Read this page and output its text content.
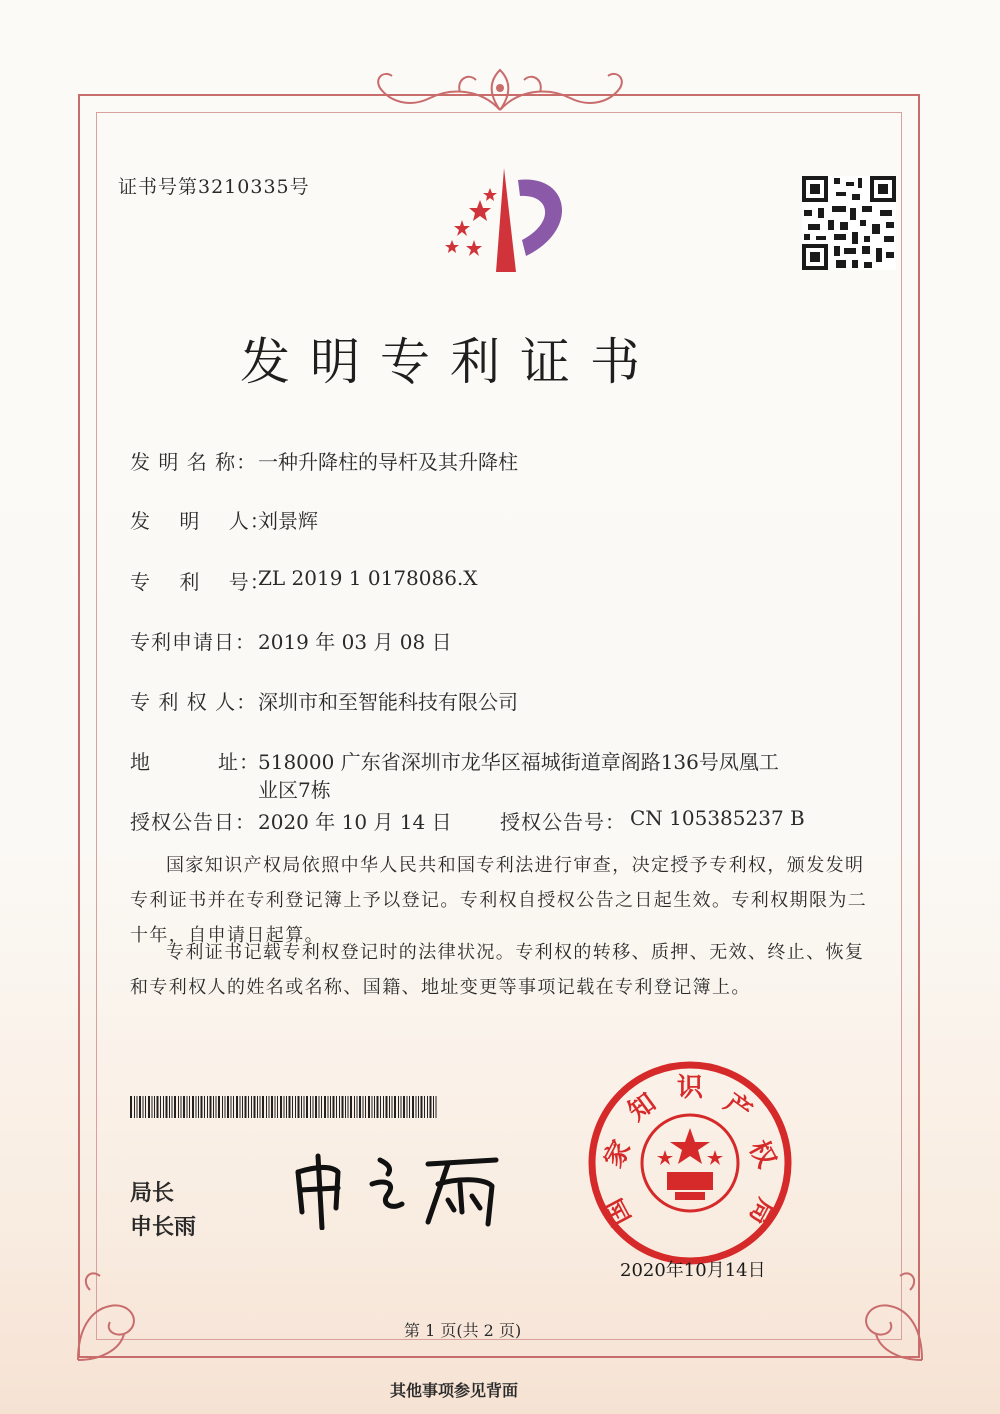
证书号第3210335号
发明专利证书
发 明 名 称： 一种升降柱的导杆及其升降柱
发　 明　 人：
刘景辉
专　 利　 号：
ZL 2019 1 0178086.X
专利申请日： 2019 年 03 月 08 日
专 利 权 人： 深圳市和至智能科技有限公司
地	址：
518000 广东省深圳市龙华区福城街道章阁路136号凤凰工
业区7栋
授权公告日： 2020 年 10 月 14 日 授权公告号： CN 105385237 B
国家知识产权局依照中华人民共和国专利法进行审查，决定授予专利权，颁发发明专利证书并在专利登记簿上予以登记。专利权自授权公告之日起生效。专利权期限为二十年，自申请日起算。
专利证书记载专利权登记时的法律状况。专利权的转移、质押、无效、终止、恢复和专利权人的姓名或名称、国籍、地址变更等事项记载在专利登记簿上。
局长
申长雨
家
知 识 产
权
国	局
2020年10月14日
第 1 页(共 2 页)
其他事项参见背面
